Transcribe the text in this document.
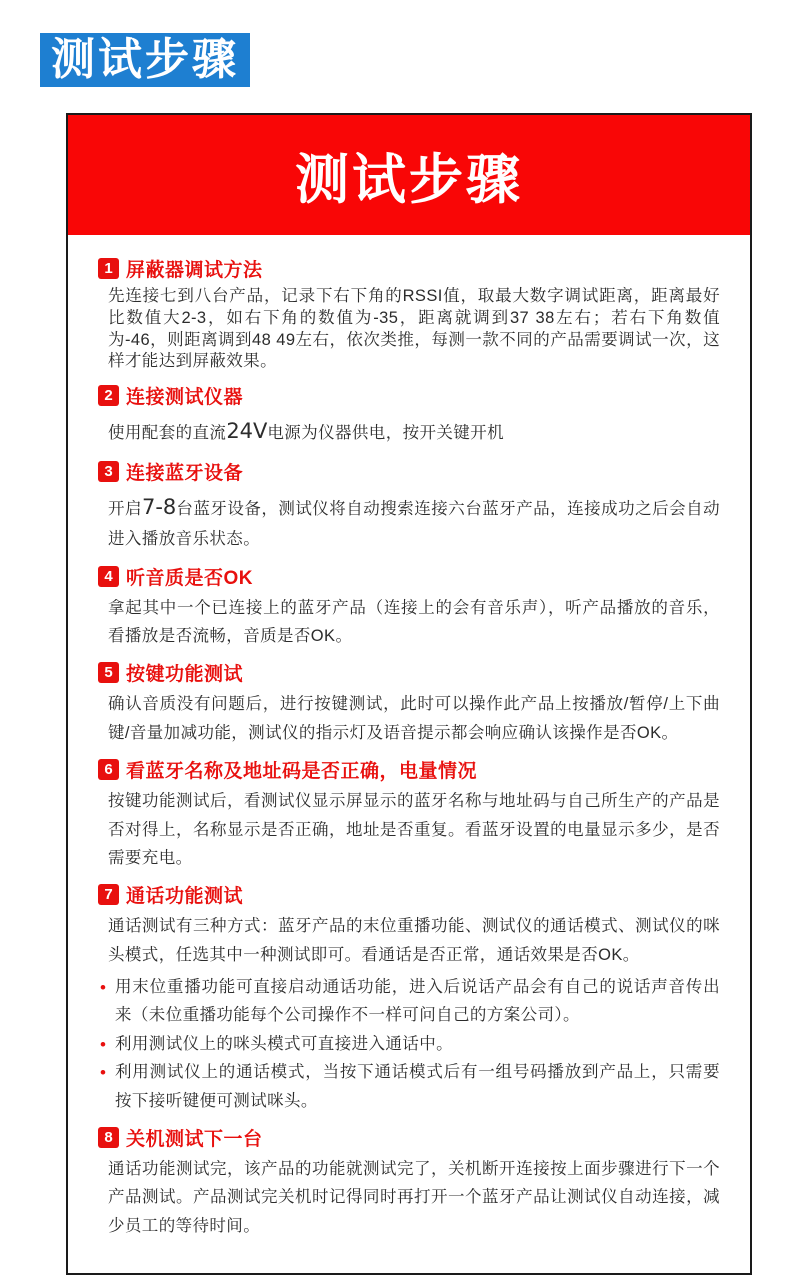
测试步骤
测试步骤
1 屏蔽器调试方法

先连接七到八台产品，记录下右下角的RSSI值，取最大数字调试距离，距离最好比数值大2-3，如右下角的数值为-35，距离就调到37 38左右；若右下角数值为-46，则距离调到48 49左右，依次类推，每测一款不同的产品需要调试一次，这样才能达到屏蔽效果。

2 连接测试仪器

使用配套的直流24V电源为仪器供电，按开关键开机

3 连接蓝牙设备

开启7-8台蓝牙设备，测试仪将自动搜索连接六台蓝牙产品，连接成功之后会自动进入播放音乐状态。

4 听音质是否OK

拿起其中一个已连接上的蓝牙产品（连接上的会有音乐声），听产品播放的音乐，看播放是否流畅，音质是否OK。

5 按键功能测试

确认音质没有问题后，进行按键测试，此时可以操作此产品上按播放/暂停/上下曲键/音量加减功能，测试仪的指示灯及语音提示都会响应确认该操作是否OK。

6 看蓝牙名称及地址码是否正确，电量情况

按键功能测试后，看测试仪显示屏显示的蓝牙名称与地址码与自己所生产的产品是否对得上，名称显示是否正确，地址是否重复。看蓝牙设置的电量显示多少，是否需要充电。

7 通话功能测试

通话测试有三种方式：蓝牙产品的末位重播功能、测试仪的通话模式、测试仪的咪头模式，任选其中一种测试即可。看通话是否正常，通话效果是否OK。

• 用末位重播功能可直接启动通话功能，进入后说话产品会有自己的说话声音传出来（未位重播功能每个公司操作不一样可问自己的方案公司）。
• 利用测试仪上的咪头模式可直接进入通话中。
• 利用测试仪上的通话模式，当按下通话模式后有一组号码播放到产品上，只需要按下接听键便可测试咪头。
8 关机测试下一台

通话功能测试完，该产品的功能就测试完了，关机断开连接按上面步骤进行下一个产品测试。产品测试完关机时记得同时再打开一个蓝牙产品让测试仪自动连接，减少员工的等待时间。
